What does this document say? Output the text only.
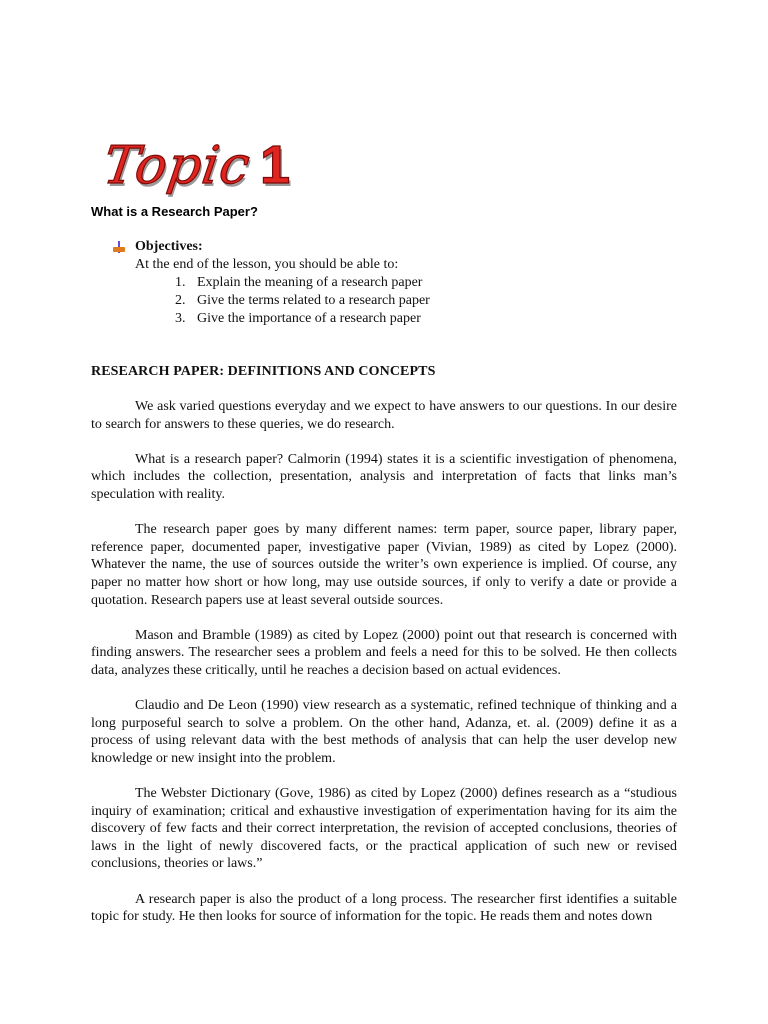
Topic 1
What is a Research Paper?
Objectives:
At the end of the lesson, you should be able to:
1. Explain the meaning of a research paper
2. Give the terms related to a research paper
3. Give the importance of a research paper
RESEARCH PAPER: DEFINITIONS AND CONCEPTS

We ask varied questions everyday and we expect to have answers to our questions. In our desire to search for answers to these queries, we do research.

What is a research paper? Calmorin (1994) states it is a scientific investigation of phenomena, which includes the collection, presentation, analysis and interpretation of facts that links man’s speculation with reality.

The research paper goes by many different names: term paper, source paper, library paper, reference paper, documented paper, investigative paper (Vivian, 1989) as cited by Lopez (2000). Whatever the name, the use of sources outside the writer’s own experience is implied. Of course, any paper no matter how short or how long, may use outside sources, if only to verify a date or provide a quotation. Research papers use at least several outside sources.

Mason and Bramble (1989) as cited by Lopez (2000) point out that research is concerned with finding answers. The researcher sees a problem and feels a need for this to be solved. He then collects data, analyzes these critically, until he reaches a decision based on actual evidences.

Claudio and De Leon (1990) view research as a systematic, refined technique of thinking and a long purposeful search to solve a problem. On the other hand, Adanza, et. al. (2009) define it as a process of using relevant data with the best methods of analysis that can help the user develop new knowledge or new insight into the problem.

The Webster Dictionary (Gove, 1986) as cited by Lopez (2000) defines research as a “studious inquiry of examination; critical and exhaustive investigation of experimentation having for its aim the discovery of few facts and their correct interpretation, the revision of accepted conclusions, theories of laws in the light of newly discovered facts, or the practical application of such new or revised conclusions, theories or laws.”

A research paper is also the product of a long process. The researcher first identifies a suitable topic for study. He then looks for source of information for the topic. He reads them and notes down
